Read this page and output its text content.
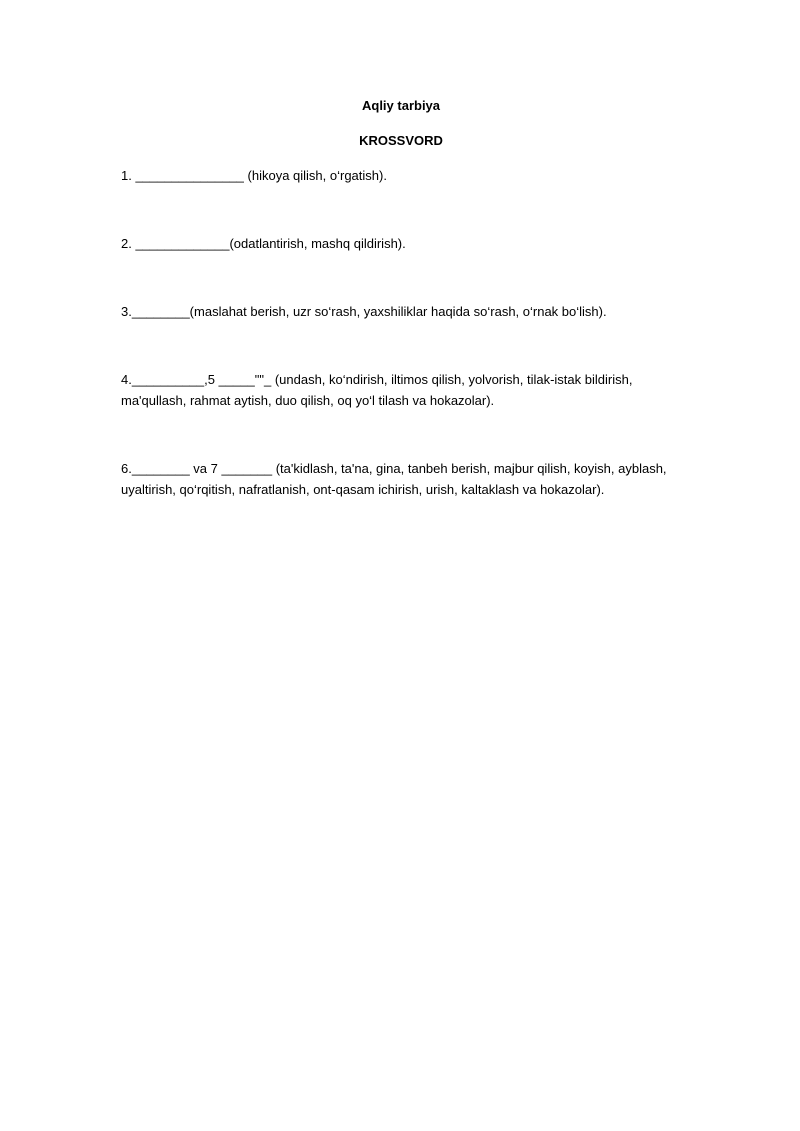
Aqliy tarbiya

KROSSVORD

1. _______________ (hikoya qilish, o‘rgatish).

2. _____________(odatlantirish, mashq qildirish).

3.________(maslahat berish, uzr so‘rash, yaxshiliklar haqida so‘rash, o‘rnak bo‘lish).

4.__________,5 _____""_ (undash, ko‘ndirish, iltimos qilish, yolvorish, tilak-istak bildirish, ma'qullash, rahmat aytish, duo qilish, oq yo‘l tilash va hokazolar).

6.________ va 7 _______ (ta'kidlash, ta'na, gina, tanbeh berish, majbur qilish, koyish, ayblash, uyaltirish, qo‘rqitish, nafratlanish, ont-qasam ichirish, urish, kaltaklash va hokazolar).
